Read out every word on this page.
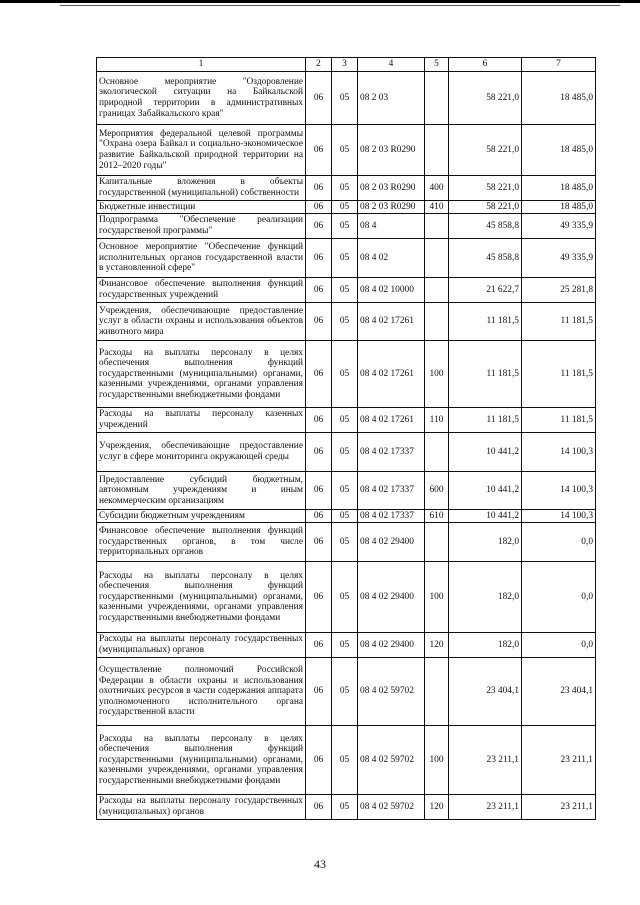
1	2	3	4	5	6	7
Основное мероприятие "Оздоровление экологической ситуации на Байкальской природной территории в административных границах Забайкальского края"	06	05	08 2 03		58 221,0	18 485,0
Мероприятия федеральной целевой программы "Охрана озера Байкал и социально-экономическое развитие Байкальской природной территории на 2012–2020 годы"	06	05	08 2 03 R0290		58 221,0	18 485,0
Капитальные вложения в объекты государственной (муниципальной) собственности	06	05	08 2 03 R0290	400	58 221,0	18 485,0
Бюджетные инвестиции	06	05	08 2 03 R0290	410	58 221,0	18 485,0
Подпрограмма "Обеспечение реализации государственой программы"	06	05	08 4		45 858,8	49 335,9
Основное мероприятие "Обеспечение функций исполнительных органов государственной власти в установленной сфере"	06	05	08 4 02		45 858,8	49 335,9
Финансовое обеспечение выполнения функций государственных учреждений	06	05	08 4 02 10000		21 622,7	25 281,8
Учреждения, обеспечивающие предоставление услуг в области охраны и использования объектов животного мира	06	05	08 4 02 17261		11 181,5	11 181,5
Расходы на выплаты персоналу в целях обеспечения выполнения функций государственными (муниципальными) органами, казенными учреждениями, органами управления государственными внебюджетными фондами	06	05	08 4 02 17261	100	11 181,5	11 181,5
Расходы на выплаты персоналу казенных учреждений	06	05	08 4 02 17261	110	11 181,5	11 181,5
Учреждения, обеспечивающие предоставление услуг в сфере мониторинга окружающей среды	06	05	08 4 02 17337		10 441,2	14 100,3
Предоставление субсидий бюджетным, автономным учреждениям и иным некоммерческим организациям	06	05	08 4 02 17337	600	10 441,2	14 100,3
Субсидии бюджетным учреждениям	06	05	08 4 02 17337	610	10 441,2	14 100,3
Финансовое обеспечение выполнения функций государственных органов, в том числе территориальных органов	06	05	08 4 02 29400		182,0	0,0
Расходы на выплаты персоналу в целях обеспечения выполнения функций государственными (муниципальными) органами, казенными учреждениями, органами управления государственными внебюджетными фондами	06	05	08 4 02 29400	100	182,0	0,0
Расходы на выплаты персоналу государственных (муниципальных) органов	06	05	08 4 02 29400	120	182,0	0,0
Осуществление полномочий Российской Федерации в области охраны и использования охотничьих ресурсов в части содержания аппарата уполномоченного исполнительного органа государственной власти	06	05	08 4 02 59702		23 404,1	23 404,1
Расходы на выплаты персоналу в целях обеспечения выполнения функций государственными (муниципальными) органами, казенными учреждениями, органами управления государственными внебюджетными фондами	06	05	08 4 02 59702	100	23 211,1	23 211,1
Расходы на выплаты персоналу государственных (муниципальных) органов	06	05	08 4 02 59702	120	23 211,1	23 211,1
43
